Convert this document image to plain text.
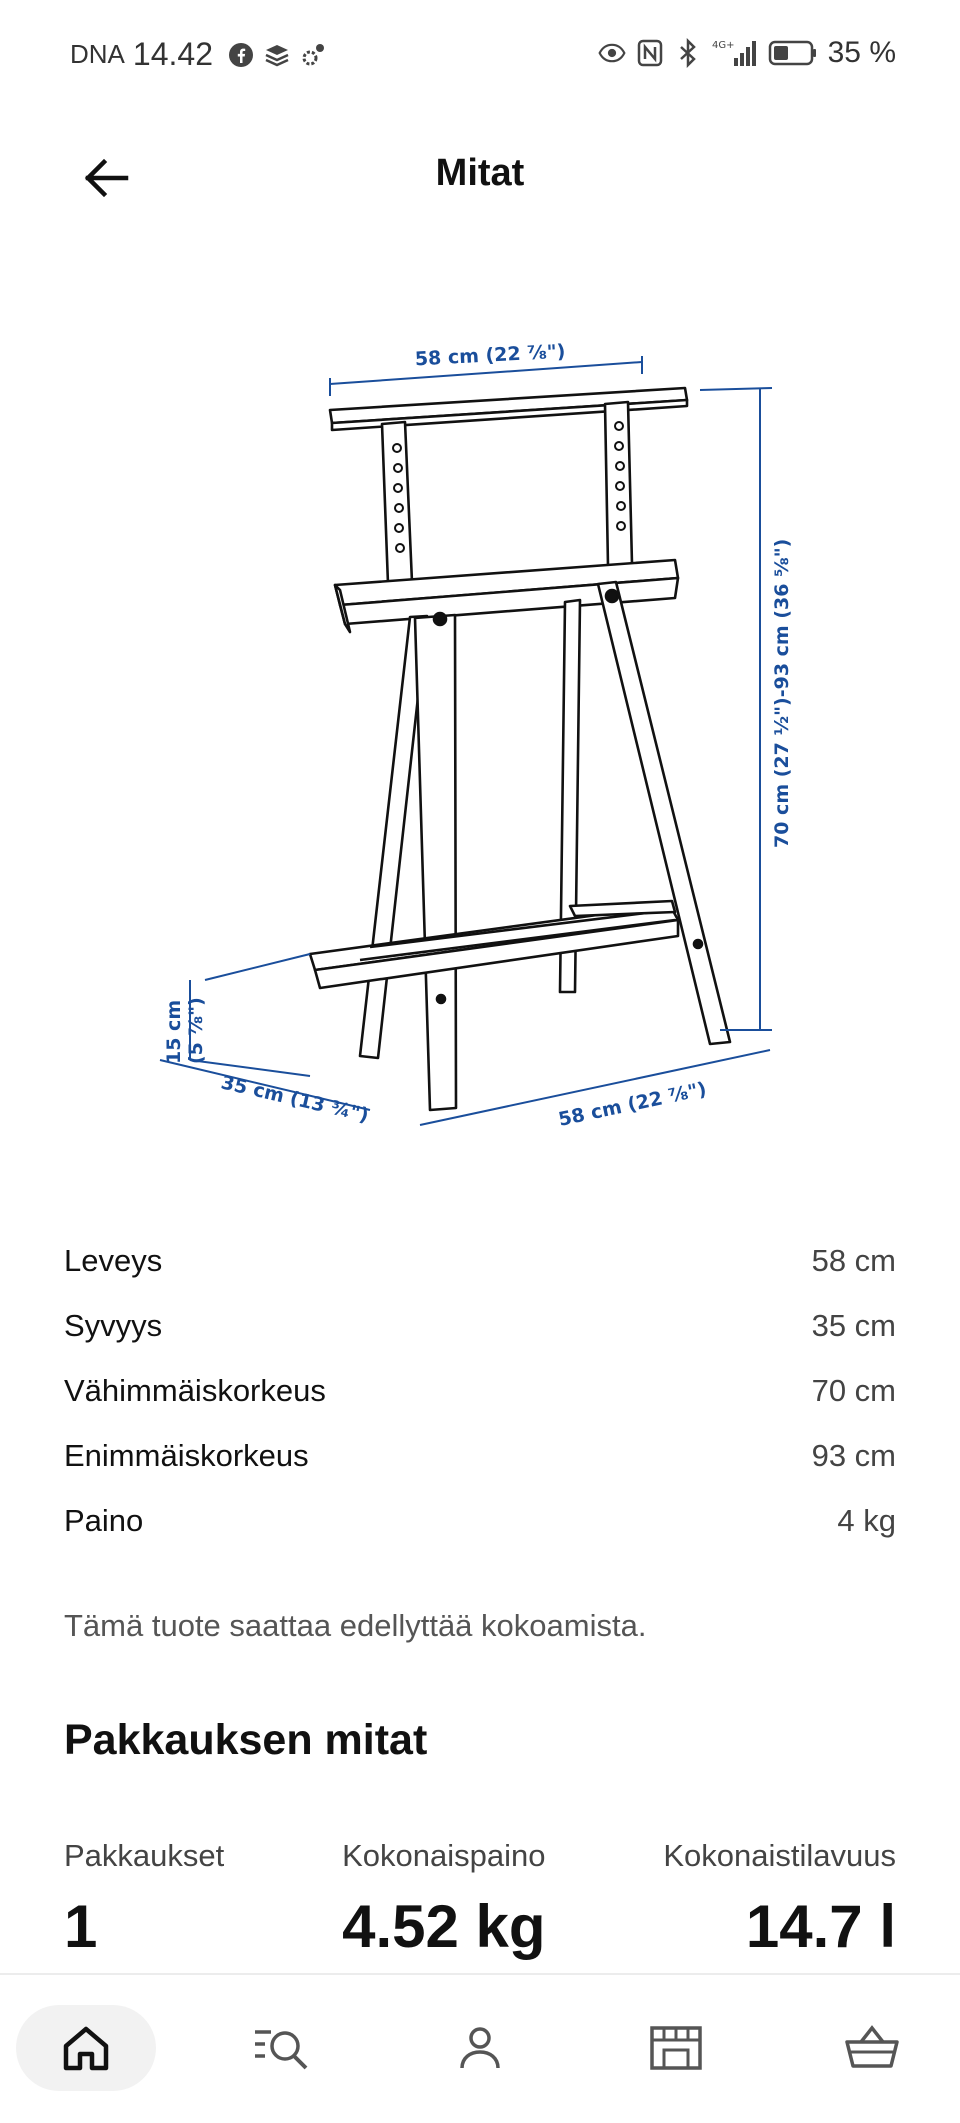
DNA 14.42	4G+	35 %
Mitat
58 cm (22 ⅞")
70 cm (27 ½")-93 cm (36 ⅝")
15 cm (5 ⅞")
35 cm (13 ¾")	58 cm (22 ⅞")
Leveys	58 cm
Syvyys	35 cm
Vähimmäiskorkeus	70 cm
Enimmäiskorkeus	93 cm
Paino	4 kg
Tämä tuote saattaa edellyttää kokoamista.
Pakkauksen mitat
Pakkaukset
1
Kokonaispaino
4.52 kg
Kokonaistilavuus
14.7 l
